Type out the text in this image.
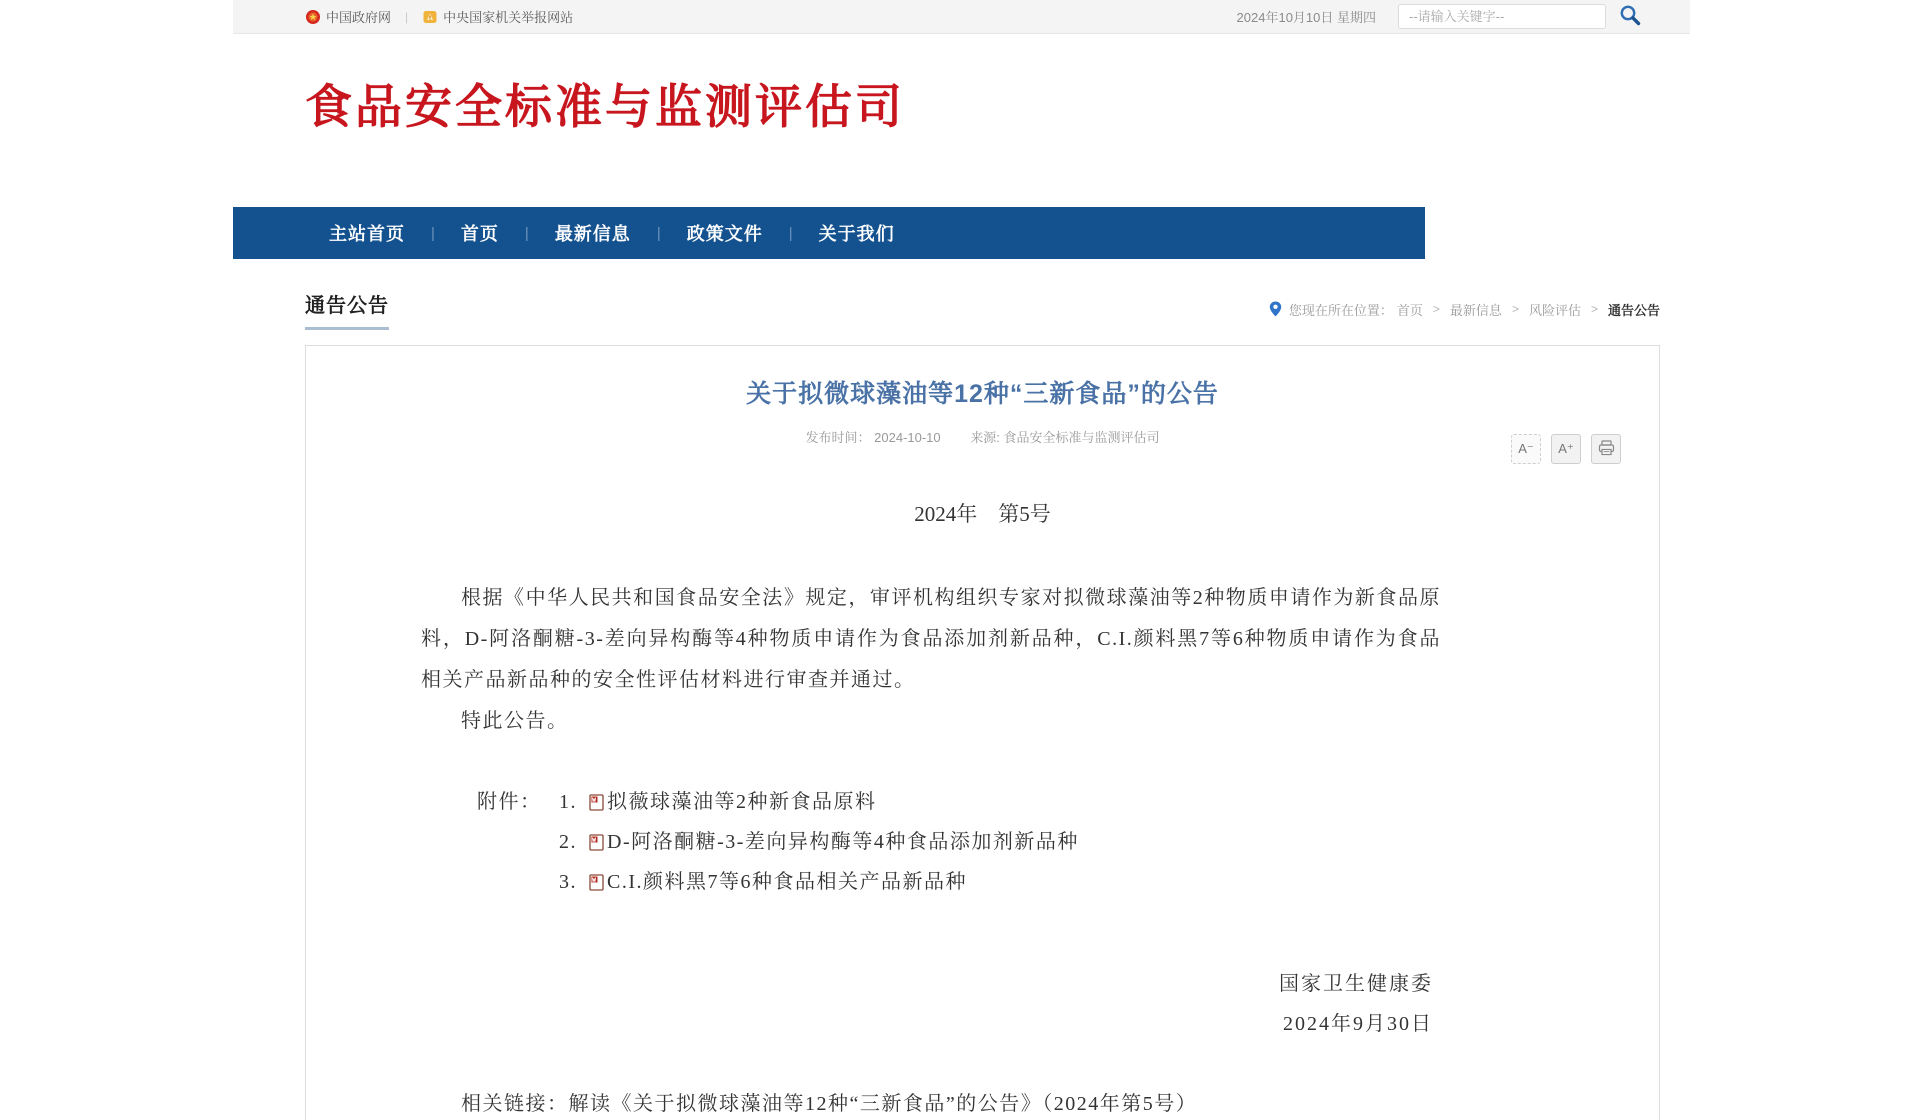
中国政府网 |	中央国家机关举报网站	2024年10月10日 星期四
--请输入关键字--
食品安全标准与监测评估司
主站首页	|	首页	|	最新信息	|	政策文件	|	关于我们
通告公告	您现在所在位置： 首页 > 最新信息 > 风险评估 > 通告公告
关于拟微球藻油等12种“三新食品”的公告
发布时间： 2024-10-10 来源: 食品安全标准与监测评估司
A⁻	A⁺
2024年　第5号

根据《中华人民共和国食品安全法》规定，审评机构组织专家对拟微球藻油等2种物质申请作为新食品原料，D-阿洛酮糖-3-差向异构酶等4种物质申请作为食品添加剂新品种，C.I.颜料黑7等6种物质申请作为食品相关产品新品种的安全性评估材料进行审查并通过。

特此公告。

附件： 1.	拟薇球藻油等2种新食品原料
2.	D-阿洛酮糖-3-差向异构酶等4种食品添加剂新品种
3.	C.I.颜料黑7等6种食品相关产品新品种
国家卫生健康委
2024年9月30日
相关链接：解读《关于拟微球藻油等12种“三新食品”的公告》（2024年第5号）
